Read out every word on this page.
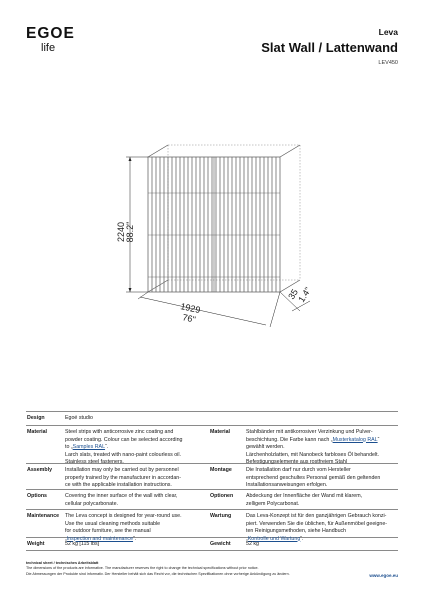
EGOE
life
Leva
Slat Wall / Lattenwand
LEV450
2240 88.2"
1929
76"
35
1.4"
Design	Egoé studio
Material	Steel strips with anticorrosive zinc coating and
powder coating. Colour can be selected according
to „Samples RAL“.
Larch slats, treated with nano-paint colourless oil.
Stainless steel fasteners.
Material	Stahlbänder mit antikorrosiver Verzinkung und Pulver-
beschichtung. Die Farbe kann nach „Musterkatalog RAL“
gewählt werden.
Lärchenholzlatten, mit Nanobeck farbloses Öl behandelt.
Befestigungselemente aus rostfreiem Stahl
Assembly	Installation may only be carried out by personnel
properly trained by the manufacturer in accordan-
ce with the applicable installation instructions.
Montage	Die Installation darf nur durch vom Hersteller
entsprechend geschultes Personal gemäß den geltenden
Installationsanweisungen erfolgen.
Options	Covering the inner surface of the wall with clear,
cellular polycarbonate.
Optionen	Abdeckung der Innenfläche der Wand mit klarem,
zelligem Polycarbonat.
Maintenance	The Leva concept is designed for year-round use.
Use the usual cleaning methods suitable
for outdoor furniture, see the manual
„Inspection and maintenance“.
Wartung	Das Leva-Konzept ist für den ganzjährigen Gebrauch konzi-
piert. Verwenden Sie die üblichen, für Außenmöbel geeigne-
ten Reinigungsmethoden, siehe Handbuch
„Kontrolle und Wartung“.
Weight	52 kg [115 lbs]	Gewicht	52 kg
technical sheet / technisches Arbeitsblatt
The dimensions of the products are informative. The manufacturer reserves the right to change the technical specifications without prior notice.
Die Abmessungen der Produkte sind informativ. Der Hersteller behält sich das Recht vor, die technischen Spezifikationen ohne vorherige Ankündigung zu ändern.	www.egoe.eu
